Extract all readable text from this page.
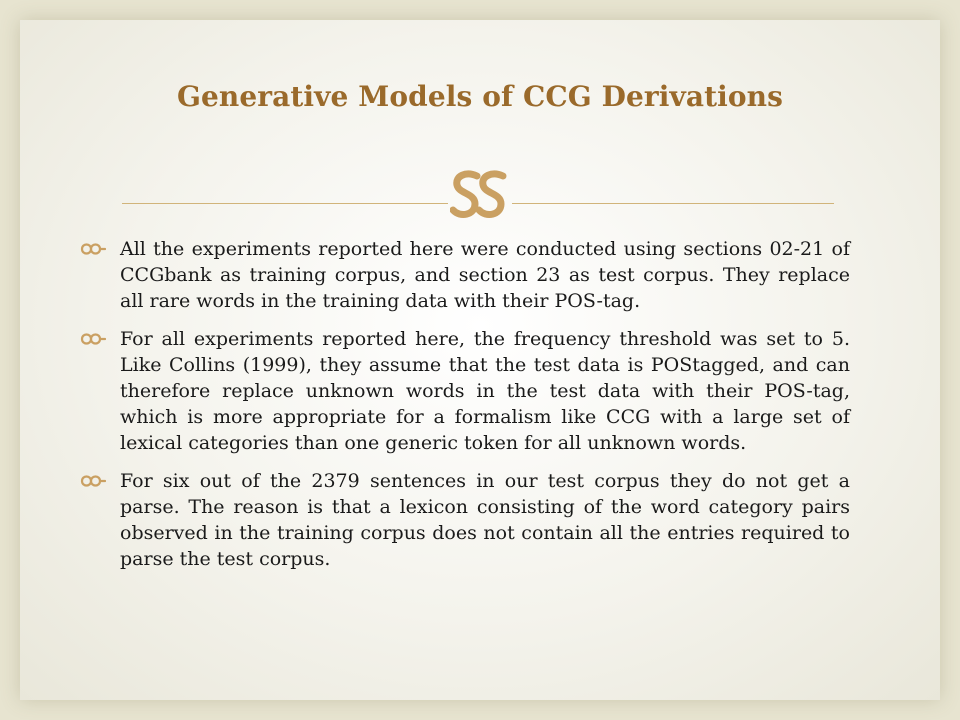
Generative Models of CCG Derivations
All the experiments reported here were conducted using sections 02-21 of CCGbank as training corpus, and section 23 as test corpus. They replace all rare words in the training data with their POS-tag.
For all experiments reported here, the frequency threshold was set to 5. Like Collins (1999), they assume that the test data is POStagged, and can therefore replace unknown words in the test data with their POS-tag, which is more appropriate for a formalism like CCG with a large set of lexical categories than one generic token for all unknown words.
For six out of the 2379 sentences in our test corpus they do not get a parse. The reason is that a lexicon consisting of the word category pairs observed in the training corpus does not contain all the entries required to parse the test corpus.
